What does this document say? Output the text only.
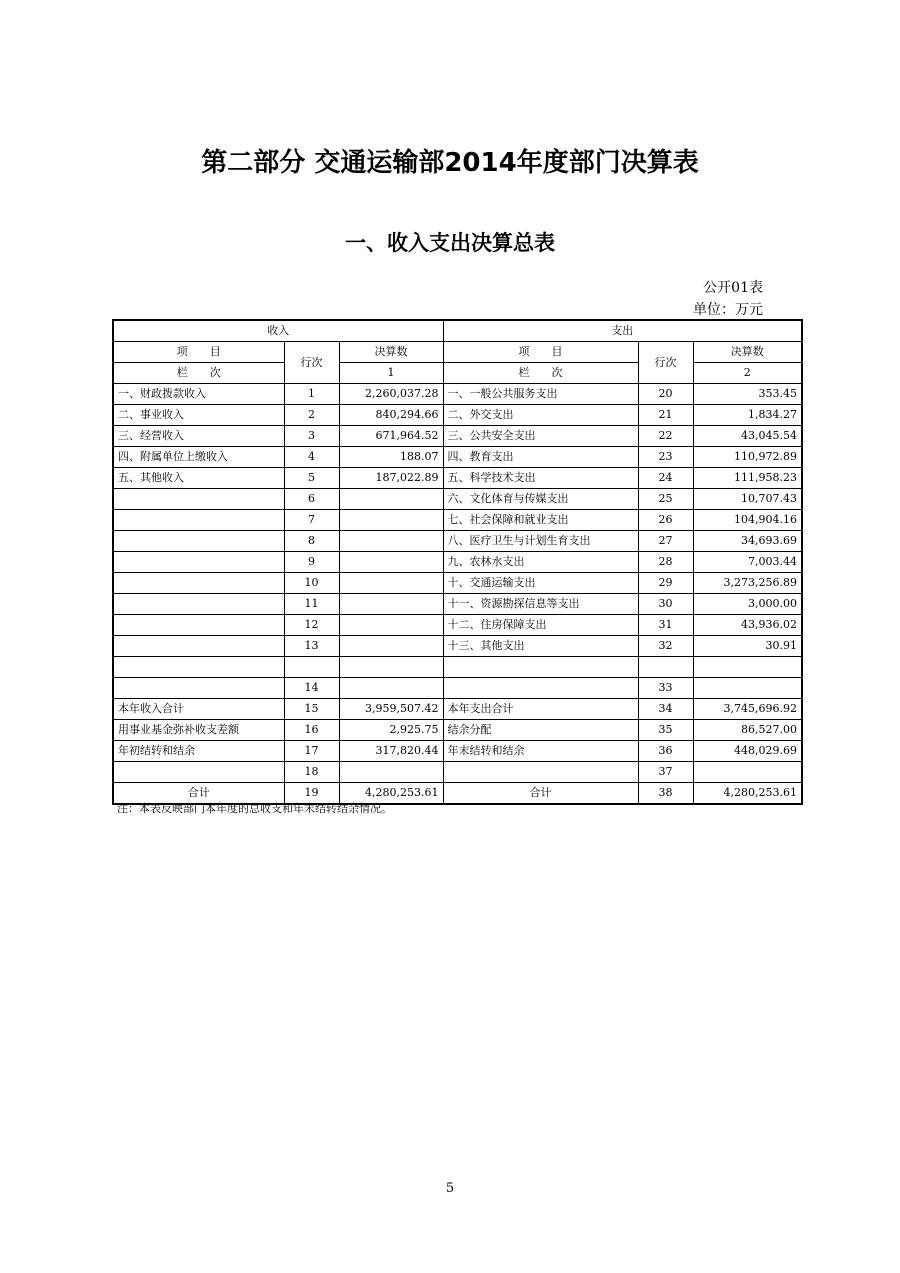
第二部分 交通运输部2014年度部门决算表
一、收入支出决算总表
公开01表
单位：万元
收入			支出		
项　　目	行次	决算数	项　　目	行次	决算数
栏　　次		1	栏　　次		2
一、财政拨款收入	1	2,260,037.28	一、一般公共服务支出	20	353.45
二、事业收入	2	840,294.66	二、外交支出	21	1,834.27
三、经营收入	3	671,964.52	三、公共安全支出	22	43,045.54
四、附属单位上缴收入	4	188.07	四、教育支出	23	110,972.89
五、其他收入	5	187,022.89	五、科学技术支出	24	111,958.23
	6		六、文化体育与传媒支出	25	10,707.43
	7		七、社会保障和就业支出	26	104,904.16
	8		八、医疗卫生与计划生育支出	27	34,693.69
	9		九、农林水支出	28	7,003.44
	10		十、交通运输支出	29	3,273,256.89
	11		十一、资源勘探信息等支出	30	3,000.00
	12		十二、住房保障支出	31	43,936.02
	13		十三、其他支出	32	30.91

	14			33	
本年收入合计	15	3,959,507.42	本年支出合计	34	3,745,696.92
用事业基金弥补收支差额	16	2,925.75	结余分配	35	86,527.00
年初结转和结余	17	317,820.44	年末结转和结余	36	448,029.69
	18			37	
合计	19	4,280,253.61	合计	38	4,280,253.61
注：本表反映部门本年度的总收支和年末结转结余情况。
5
